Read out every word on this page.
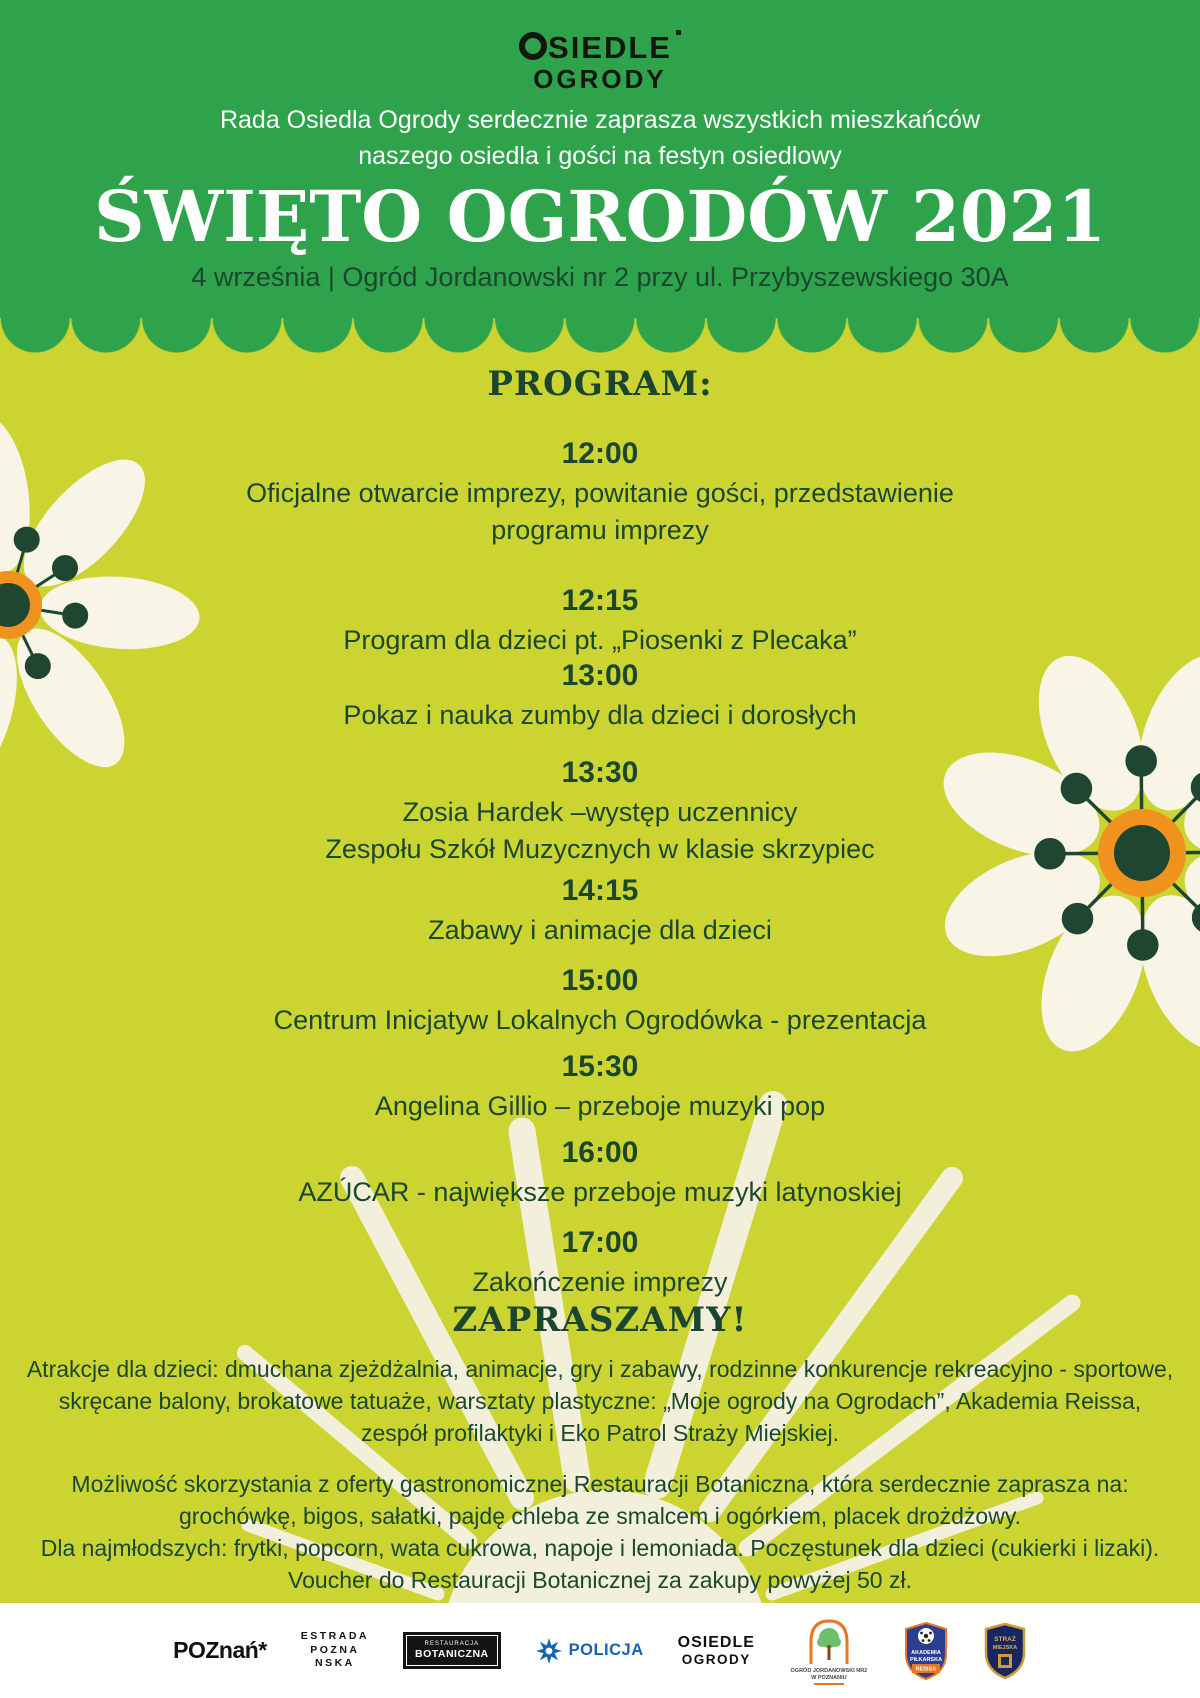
SIEDLE
OGRODY
Rada Osiedla Ogrody serdecznie zaprasza wszystkich mieszkańców
naszego osiedla i gości na festyn osiedlowy
ŚWIĘTO OGRODÓW 2021
4 września | Ogród Jordanowski nr 2 przy ul. Przybyszewskiego 30A
PROGRAM:
12:00
Oficjalne otwarcie imprezy, powitanie gości, przedstawienie
programu imprezy
12:15
Program dla dzieci pt. „Piosenki z Plecaka”
13:00
Pokaz i nauka zumby dla dzieci i dorosłych
13:30
Zosia Hardek –występ uczennicy
Zespołu Szkół Muzycznych w klasie skrzypiec
14:15
Zabawy i animacje dla dzieci
15:00
Centrum Inicjatyw Lokalnych Ogrodówka - prezentacja
15:30
Angelina Gillio – przeboje muzyki pop
16:00
AZÚCAR - największe przeboje muzyki latynoskiej
17:00
Zakończenie imprezy
ZAPRASZAMY!
Atrakcje dla dzieci: dmuchana zjeżdżalnia, animacje, gry i zabawy, rodzinne konkurencje rekreacyjno - sportowe,
skręcane balony, brokatowe tatuaże, warsztaty plastyczne: „Moje ogrody na Ogrodach”, Akademia Reissa,
zespół profilaktyki i Eko Patrol Straży Miejskiej.
Możliwość skorzystania z oferty gastronomicznej Restauracji Botaniczna, która serdecznie zaprasza na:
grochówkę, bigos, sałatki, pajdę chleba ze smalcem i ogórkiem, placek drożdżowy.
Dla najmłodszych: frytki, popcorn, wata cukrowa, napoje i lemoniada. Poczęstunek dla dzieci (cukierki i lizaki).
Voucher do Restauracji Botanicznej za zakupy powyżej 50 zł.
POZnań*
ESTRADA
POZNA
NSKA
RESTAURACJA
BOTANICZNA	POLICJA OSIEDLE
OGRODY
OGRÓD JORDANOWSKI NR2 W POZNANIU
AKADEMIA
PIŁKARSKA
REISSA
STRAŻ
MIEJSKA
